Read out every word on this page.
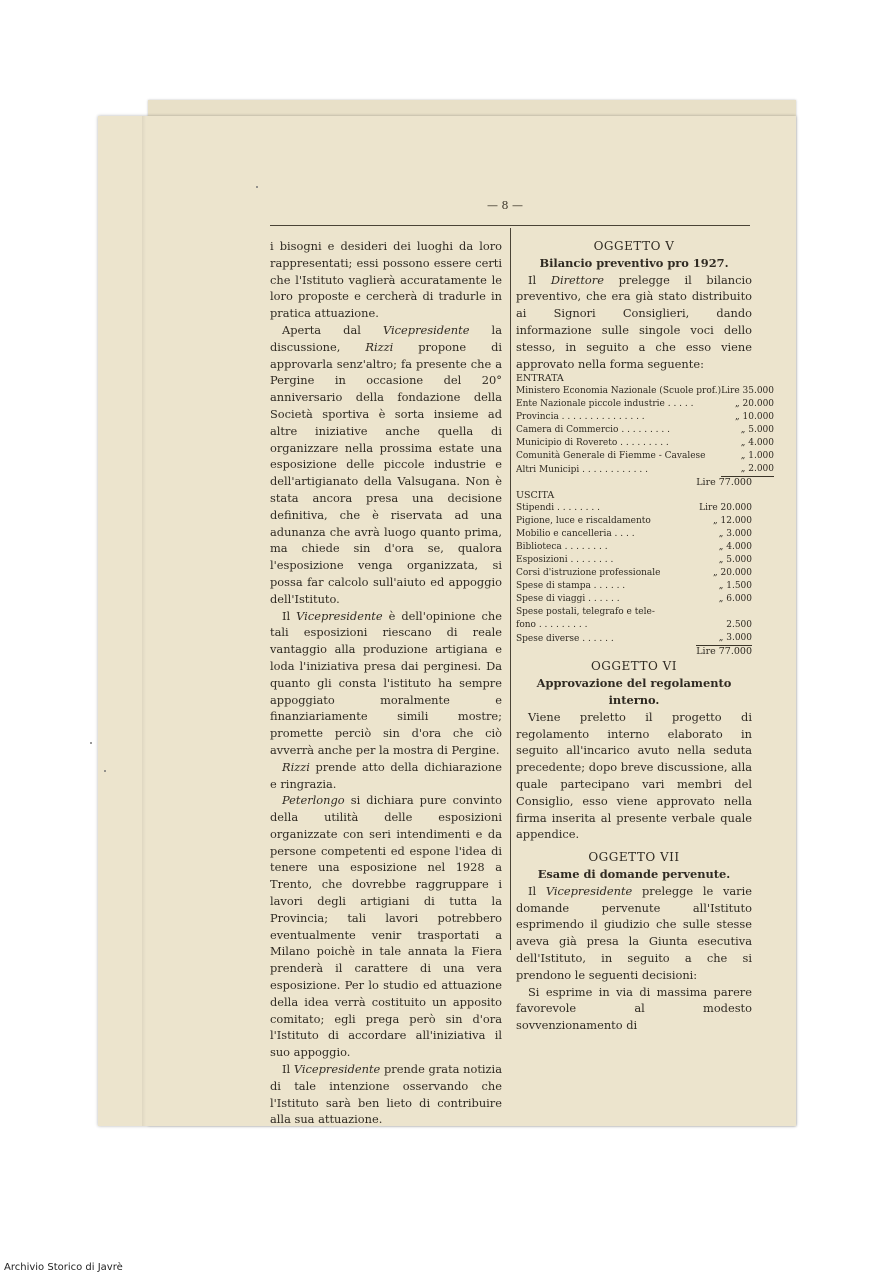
— 8 —

i bisogni e desideri dei luoghi da loro rappresentati; essi possono essere certi che l'Istituto vaglierà accuratamente le loro proposte e cercherà di tradurle in pratica attuazione.

Aperta dal Vicepresidente la discussione, Rizzi propone di approvarla senz'altro; fa presente che a Pergine in occasione del 20° anniversario della fondazione della Società sportiva è sorta insieme ad altre iniziative anche quella di organizzare nella prossima estate una esposizione delle piccole industrie e dell'artigianato della Valsugana. Non è stata ancora presa una decisione definitiva, che è riservata ad una adunanza che avrà luogo quanto prima, ma chiede sin d'ora se, qualora l'esposizione venga organizzata, si possa far calcolo sull'aiuto ed appoggio dell'Istituto.

Il Vicepresidente è dell'opinione che tali esposizioni riescano di reale vantaggio alla produzione artigiana e loda l'iniziativa presa dai perginesi. Da quanto gli consta l'istituto ha sempre appoggiato moralmente e finanziariamente simili mostre; promette perciò sin d'ora che ciò avverrà anche per la mostra di Pergine.

Rizzi prende atto della dichiarazione e ringrazia.

Peterlongo si dichiara pure convinto della utilità delle esposizioni organizzate con seri intendimenti e da persone competenti ed espone l'idea di tenere una esposizione nel 1928 a Trento, che dovrebbe raggruppare i lavori degli artigiani di tutta la Provincia; tali lavori potrebbero eventualmente venir trasportati a Milano poichè in tale annata la Fiera prenderà il carattere di una vera esposizione. Per lo studio ed attuazione della idea verrà costituito un apposito comitato; egli prega però sin d'ora l'Istituto di accordare all'iniziativa il suo appoggio.

Il Vicepresidente prende grata notizia di tale intenzione osservando che l'Istituto sarà ben lieto di contribuire alla sua attuazione.

OGGETTO V

Bilancio preventivo pro 1927.

Il Direttore prelegge il bilancio preventivo, che era già stato distribuito ai Signori Consiglieri, dando informazione sulle singole voci dello stesso, in seguito a che esso viene approvato nella forma seguente:

ENTRATA

Ministero Economia Nazionale (Scuole prof.)	Lire 35.000
Ente Nazionale piccole industrie . . . . .	„ 20.000
Provincia . . . . . . . . . . . . . . .	„ 10.000
Camera di Commercio . . . . . . . . .	„ 5.000
Municipio di Rovereto . . . . . . . . .	„ 4.000
Comunità Generale di Fiemme - Cavalese	„ 1.000
Altri Municipi . . . . . . . . . . . .	„ 2.000

Lire 77.000

USCITA

Stipendi . . . . . . . .	Lire 20.000
Pigione, luce e riscaldamento	„ 12.000
Mobilio e cancelleria . . . .	„ 3.000
Biblioteca . . . . . . . .	„ 4.000
Esposizioni . . . . . . . .	„ 5.000
Corsi d'istruzione professionale	„ 20.000
Spese di stampa . . . . . .	„ 1.500
Spese di viaggi . . . . . .	„ 6.000
Spese postali, telegrafo e tele-	
fono . . . . . . . . .	2.500
Spese diverse . . . . . .	„ 3.000

Lire 77.000

OGGETTO VI

Approvazione del regolamento interno.

Viene preletto il progetto di regolamento interno elaborato in seguito all'incarico avuto nella seduta precedente; dopo breve discussione, alla quale partecipano vari membri del Consiglio, esso viene approvato nella firma inserita al presente verbale quale appendice.

OGGETTO VII

Esame di domande pervenute.

Il Vicepresidente prelegge le varie domande pervenute all'Istituto esprimendo il giudizio che sulle stesse aveva già presa la Giunta esecutiva dell'Istituto, in seguito a che si prendono le seguenti decisioni:

Si esprime in via di massima parere favorevole al modesto sovvenzionamento di

Archivio Storico di Javrè
